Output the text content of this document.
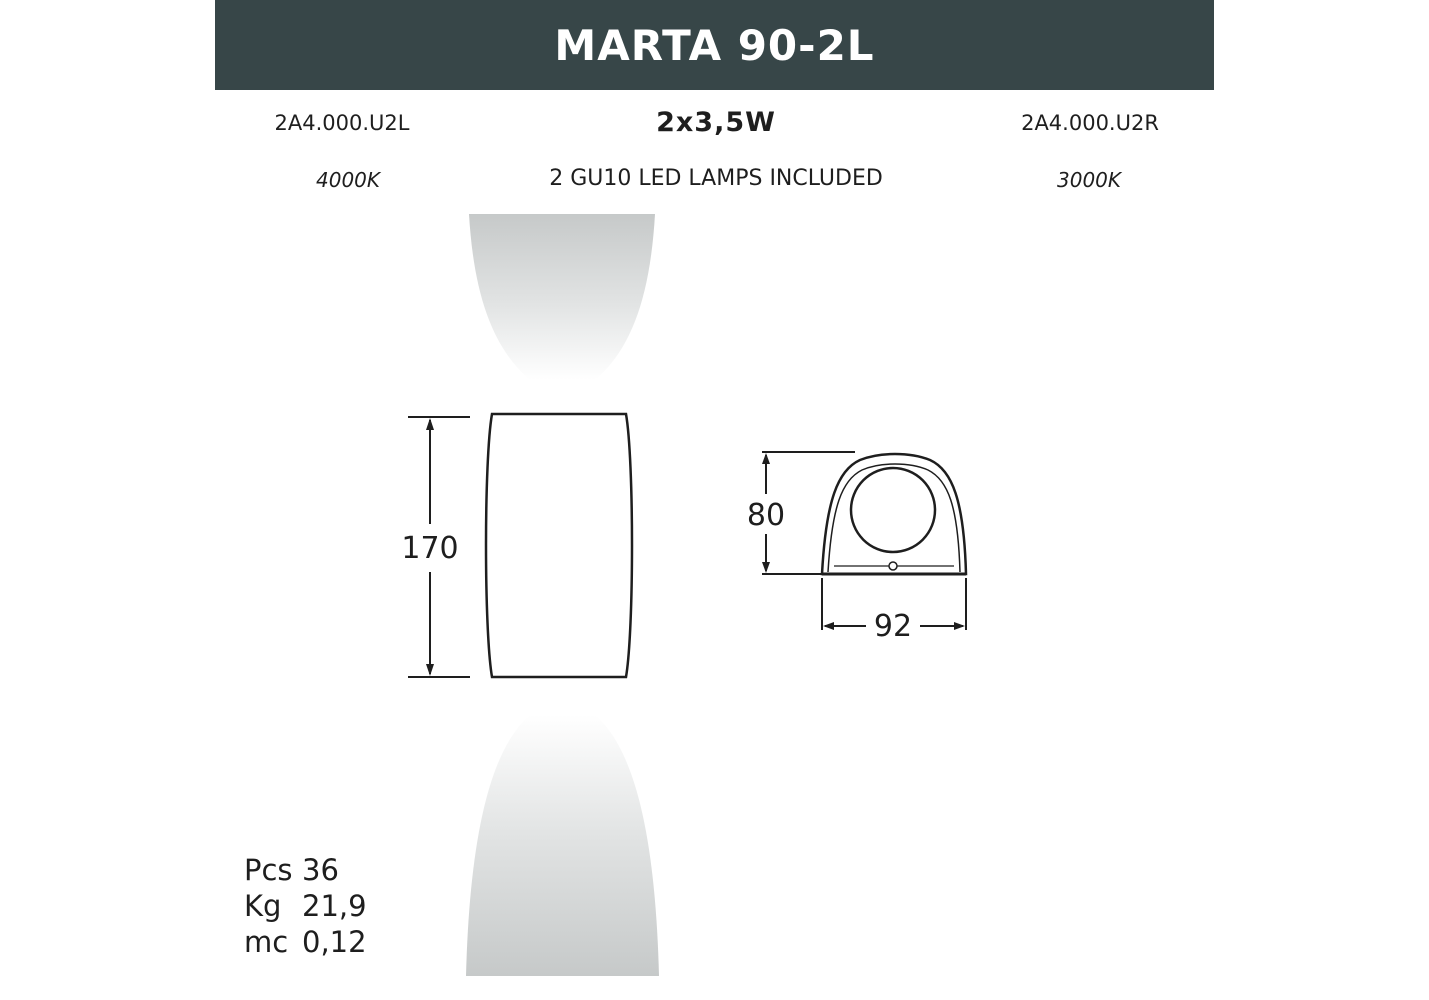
MARTA 90-2L
2A4.000.U2L	2x3,5W	2A4.000.U2R
4000K	2 GU10 LED LAMPS INCLUDED	3000K
170
80
92
Pcs 36
Kg 21,9
mc 0,12
